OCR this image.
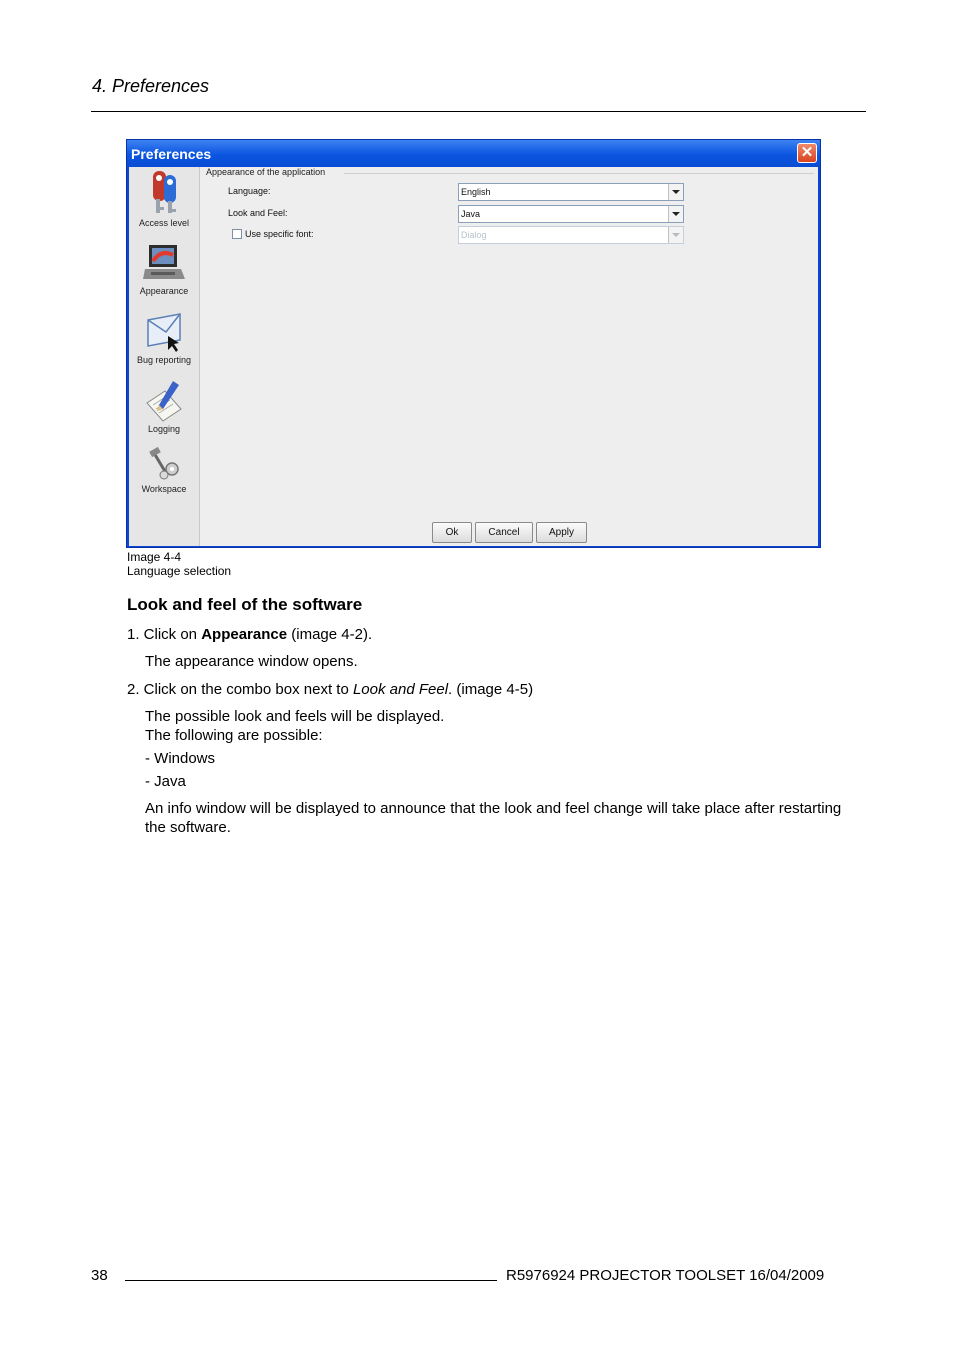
4. Preferences
Preferences	✕
Access level
Appearance
Bug reporting
Logging
Workspace
Appearance of the application
Language:	English
Look and Feel:	Java
Use specific font:	Dialog
Ok	Cancel	Apply
Image 4-4
Language selection
Look and feel of the software
1. Click on Appearance (image 4-2).
The appearance window opens.
2. Click on the combo box next to Look and Feel. (image 4-5)
The possible look and feels will be displayed.
The following are possible:
- Windows
- Java
An info window will be displayed to announce that the look and feel change will take place after restarting
the software.
38	R5976924 PROJECTOR TOOLSET 16/04/2009
